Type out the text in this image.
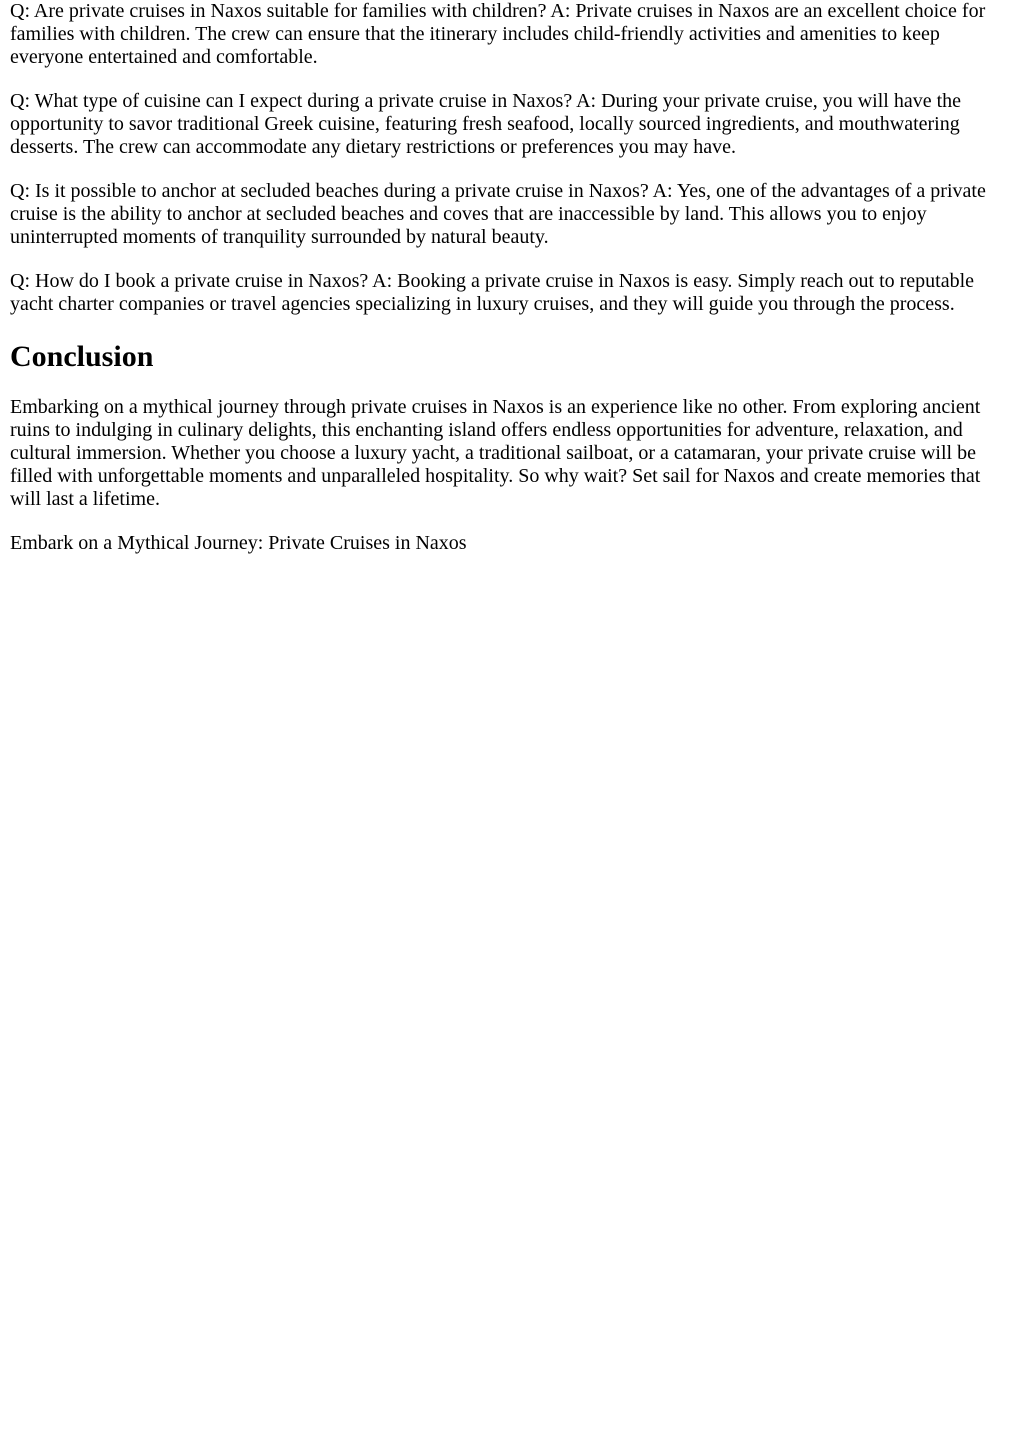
Q: Are private cruises in Naxos suitable for families with children? A: Private cruises in Naxos are an excellent choice for families with children. The crew can ensure that the itinerary includes child-friendly activities and amenities to keep everyone entertained and comfortable.

Q: What type of cuisine can I expect during a private cruise in Naxos? A: During your private cruise, you will have the opportunity to savor traditional Greek cuisine, featuring fresh seafood, locally sourced ingredients, and mouthwatering desserts. The crew can accommodate any dietary restrictions or preferences you may have.

Q: Is it possible to anchor at secluded beaches during a private cruise in Naxos? A: Yes, one of the advantages of a private cruise is the ability to anchor at secluded beaches and coves that are inaccessible by land. This allows you to enjoy uninterrupted moments of tranquility surrounded by natural beauty.

Q: How do I book a private cruise in Naxos? A: Booking a private cruise in Naxos is easy. Simply reach out to reputable yacht charter companies or travel agencies specializing in luxury cruises, and they will guide you through the process.

Conclusion

Embarking on a mythical journey through private cruises in Naxos is an experience like no other. From exploring ancient ruins to indulging in culinary delights, this enchanting island offers endless opportunities for adventure, relaxation, and cultural immersion. Whether you choose a luxury yacht, a traditional sailboat, or a catamaran, your private cruise will be filled with unforgettable moments and unparalleled hospitality. So why wait? Set sail for Naxos and create memories that will last a lifetime.

Embark on a Mythical Journey: Private Cruises in Naxos
